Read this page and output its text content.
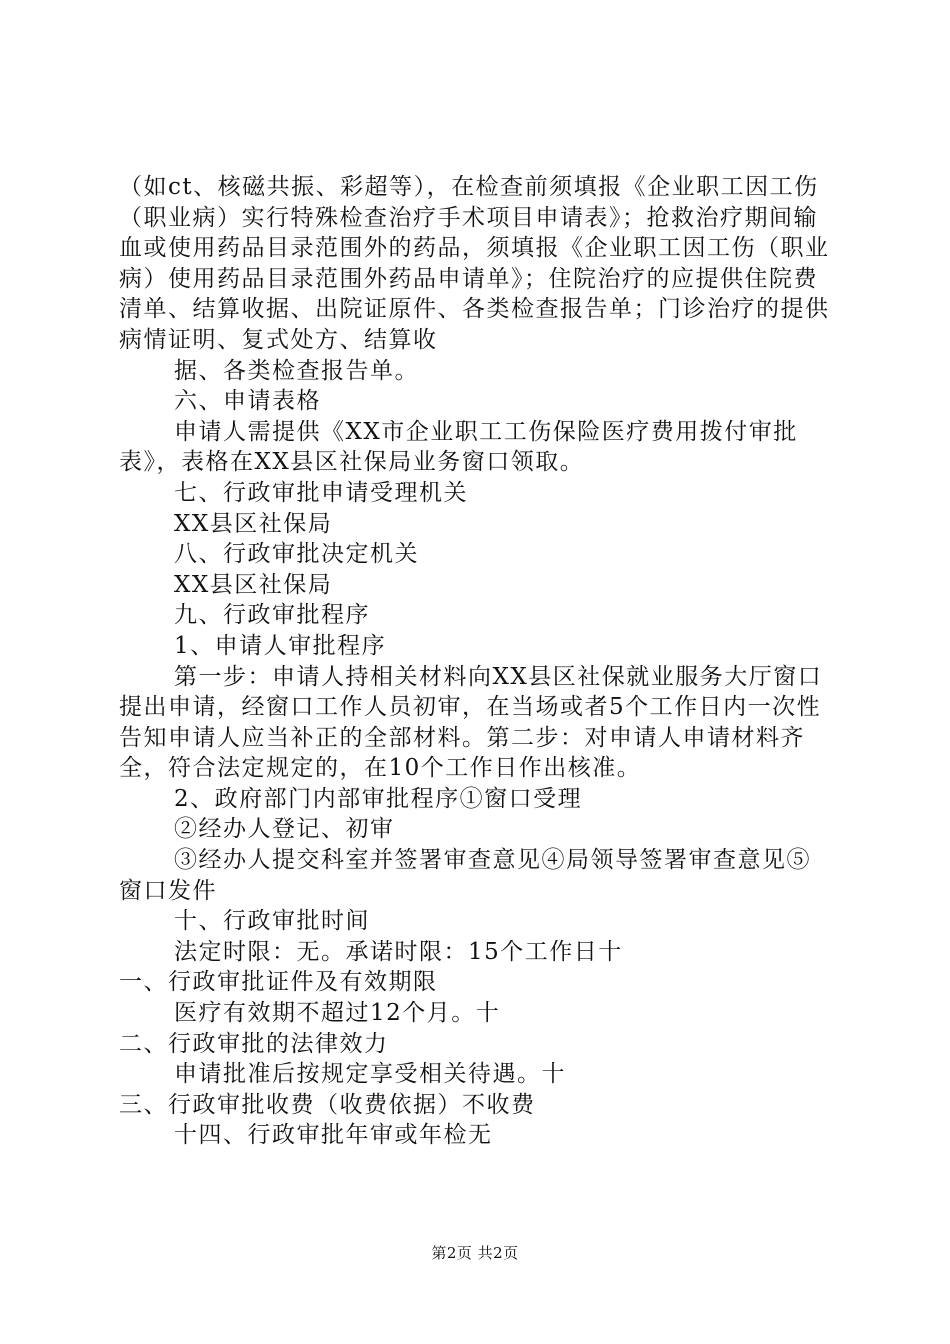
（如ct、核磁共振、彩超等），在检查前须填报《企业职工因工伤（职业病）实行特殊检查治疗手术项目申请表》；抢救治疗期间输血或使用药品目录范围外的药品，须填报《企业职工因工伤（职业病）使用药品目录范围外药品申请单》；住院治疗的应提供住院费清单、结算收据、出院证原件、各类检查报告单；门诊治疗的提供病情证明、复式处方、结算收

据、各类检查报告单。

六、申请表格

申请人需提供《XX市企业职工工伤保险医疗费用拨付审批表》，表格在XX县区社保局业务窗口领取。

七、行政审批申请受理机关

XX县区社保局

八、行政审批决定机关

XX县区社保局

九、行政审批程序

1、申请人审批程序

第一步：申请人持相关材料向XX县区社保就业服务大厅窗口提出申请，经窗口工作人员初审，在当场或者5个工作日内一次性告知申请人应当补正的全部材料。第二步：对申请人申请材料齐全，符合法定规定的，在10个工作日作出核准。

2、政府部门内部审批程序①窗口受理

②经办人登记、初审

③经办人提交科室并签署审查意见④局领导签署审查意见⑤窗口发件

十、行政审批时间

法定时限：无。承诺时限：15个工作日十

一、行政审批证件及有效期限

医疗有效期不超过12个月。十

二、行政审批的法律效力

申请批准后按规定享受相关待遇。十

三、行政审批收费（收费依据）不收费

十四、行政审批年审或年检无

第2页 共2页
